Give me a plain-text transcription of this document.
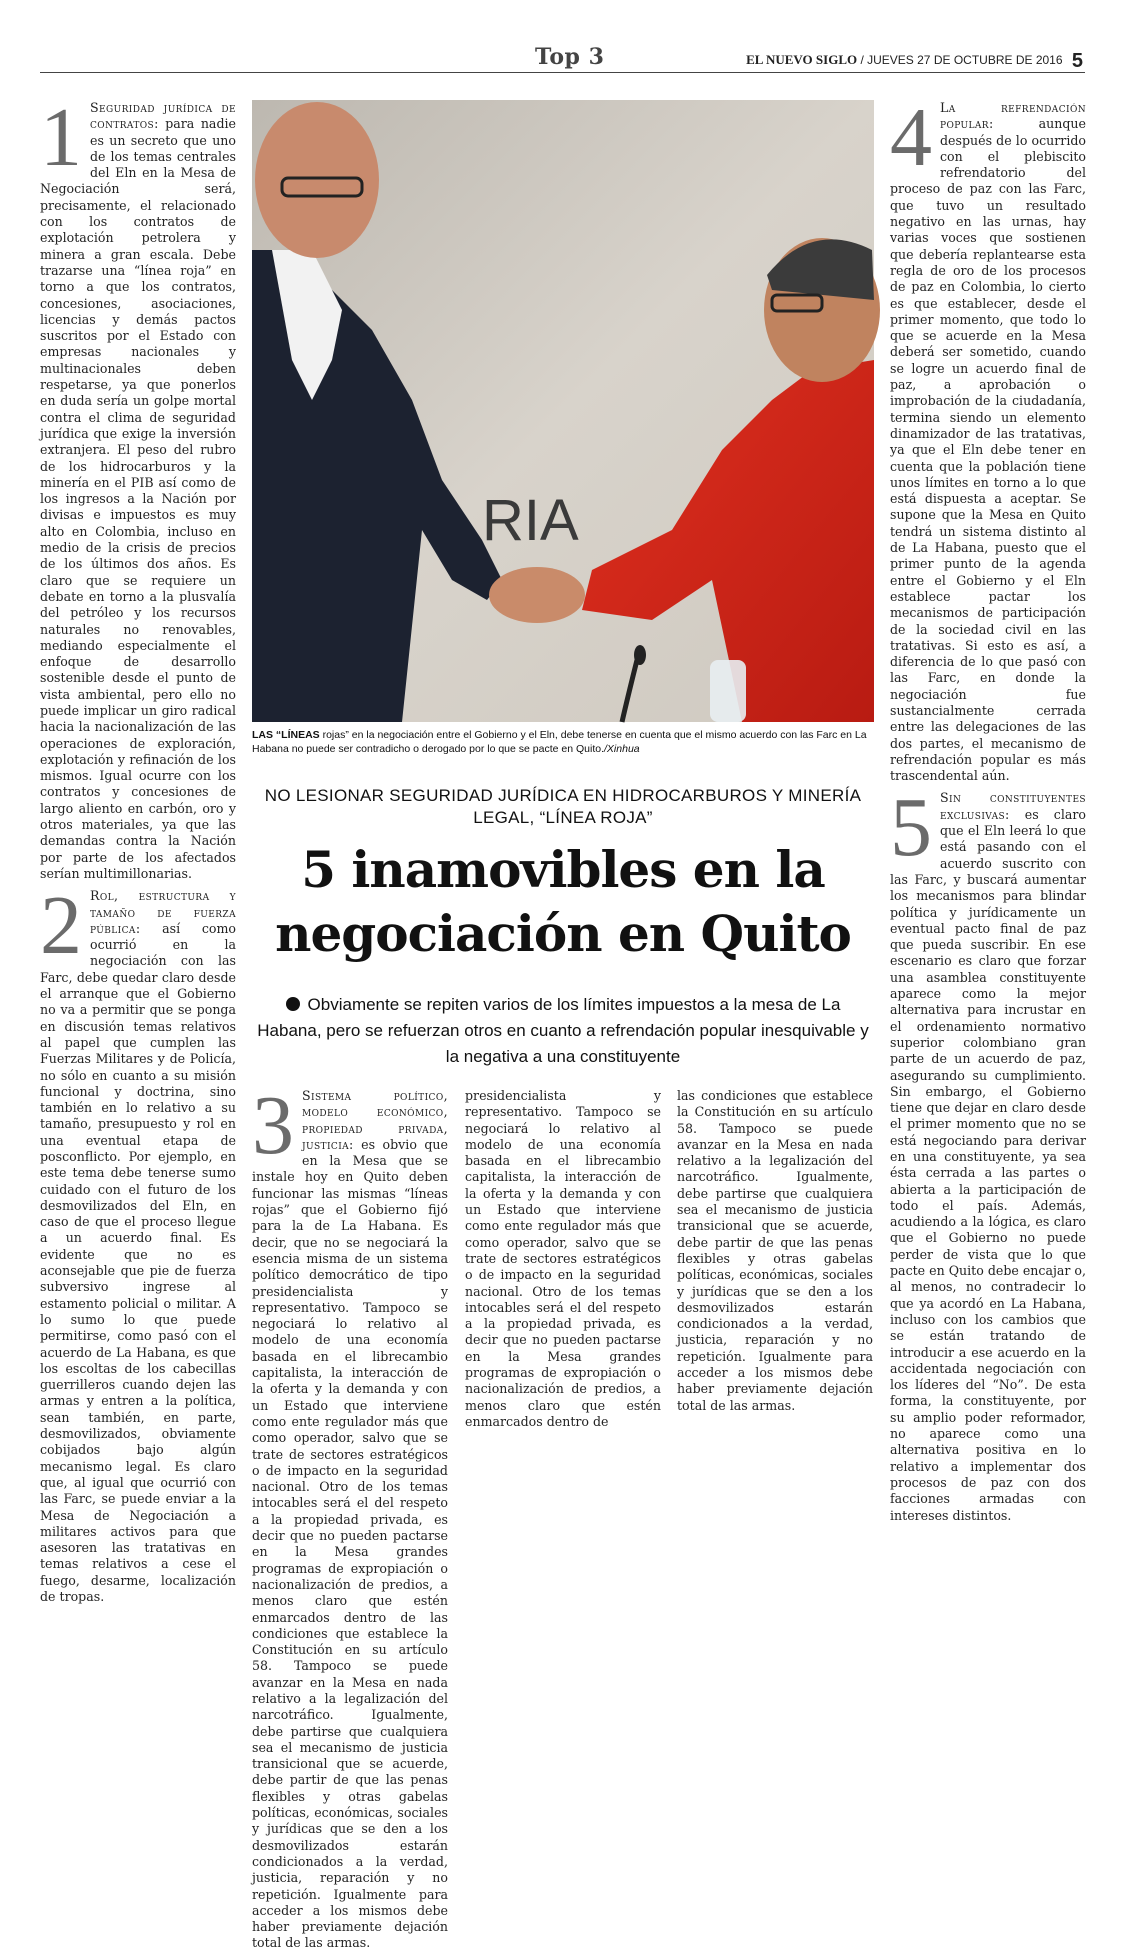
Top 3	EL NUEVO SIGLO / JUEVES 27 DE OCTUBRE DE 2016 5

1 Seguridad jurídica de contratos: para nadie es un secreto que uno de los temas centrales del Eln en la Mesa de Negociación será, precisamente, el relacionado con los contratos de explotación petrolera y minera a gran escala. Debe trazarse una “línea roja” en torno a que los contratos, concesiones, asociaciones, licencias y demás pactos suscritos por el Estado con empresas nacionales y multinacionales deben respetarse, ya que ponerlos en duda sería un golpe mortal contra el clima de seguridad jurídica que exige la inversión extranjera. El peso del rubro de los hidrocarburos y la minería en el PIB así como de los ingresos a la Nación por divisas e impuestos es muy alto en Colombia, incluso en medio de la crisis de precios de los últimos dos años. Es claro que se requiere un debate en torno a la plusvalía del petróleo y los recursos naturales no renovables, mediando especialmente el enfoque de desarrollo sostenible desde el punto de vista ambiental, pero ello no puede implicar un giro radical hacia la nacionalización de las operaciones de exploración, explotación y refinación de los mismos. Igual ocurre con los contratos y concesiones de largo aliento en carbón, oro y otros materiales, ya que las demandas contra la Nación por parte de los afectados serían multimillonarias.

2 Rol, estructura y tamaño de fuerza pública: así como ocurrió en la negociación con las Farc, debe quedar claro desde el arranque que el Gobierno no va a permitir que se ponga en discusión temas relativos al papel que cumplen las Fuerzas Militares y de Policía, no sólo en cuanto a su misión funcional y doctrina, sino también en lo relativo a su tamaño, presupuesto y rol en una eventual etapa de posconflicto. Por ejemplo, en este tema debe tenerse sumo cuidado con el futuro de los desmovilizados del Eln, en caso de que el proceso llegue a un acuerdo final. Es evidente que no es aconsejable que pie de fuerza subversivo ingrese al estamento policial o militar. A lo sumo lo que puede permitirse, como pasó con el acuerdo de La Habana, es que los escoltas de los cabecillas guerrilleros cuando dejen las armas y entren a la política, sean también, en parte, desmovilizados, obviamente cobijados bajo algún mecanismo legal. Es claro que, al igual que ocurrió con las Farc, se puede enviar a la Mesa de Negociación a militares activos para que asesoren las tratativas en temas relativos a cese el fuego, desarme, localización de tropas.

RIA
LAS “LÍNEAS rojas” en la negociación entre el Gobierno y el Eln, debe tenerse en cuenta que el mismo acuerdo con las Farc en La Habana no puede ser contradicho o derogado por lo que se pacte en Quito./Xinhua
NO LESIONAR SEGURIDAD JURÍDICA EN HIDROCARBUROS Y MINERÍA LEGAL, “LÍNEA ROJA”
5 inamovibles en la negociación en Quito
Obviamente se repiten varios de los límites impuestos a la mesa de La Habana, pero se refuerzan otros en cuanto a refrendación popular inesquivable y la negativa a una constituyente

3 Sistema político, modelo económico, propiedad privada, justicia: es obvio que en la Mesa que se instale hoy en Quito deben funcionar las mismas “líneas rojas” que el Gobierno fijó para la de La Habana. Es decir, que no se negociará la esencia misma de un sistema político democrático de tipo presidencialista y representativo. Tampoco se negociará lo relativo al modelo de una economía basada en el librecambio capitalista, la interacción de la oferta y la demanda y con un Estado que interviene como ente regulador más que como operador, salvo que se trate de sectores estratégicos o de impacto en la seguridad nacional. Otro de los temas intocables será el del respeto a la propiedad privada, es decir que no pueden pactarse en la Mesa grandes programas de expropiación o nacionalización de predios, a menos claro que estén enmarcados dentro de las condiciones que establece la Constitución en su artículo 58. Tampoco se puede avanzar en la Mesa en nada relativo a la legalización del narcotráfico. Igualmente, debe partirse que cualquiera sea el mecanismo de justicia transicional que se acuerde, debe partir de que las penas flexibles y otras gabelas políticas, económicas, sociales y jurídicas que se den a los desmovilizados estarán condicionados a la verdad, justicia, reparación y no repetición. Igualmente para acceder a los mismos debe haber previamente dejación total de las armas.

presidencialista y representativo. Tampoco se negociará lo relativo al modelo de una economía basada en el librecambio capitalista, la interacción de la oferta y la demanda y con un Estado que interviene como ente regulador más que como operador, salvo que se trate de sectores estratégicos o de impacto en la seguridad nacional. Otro de los temas intocables será el del respeto a la propiedad privada, es decir que no pueden pactarse en la Mesa grandes programas de expropiación o nacionalización de predios, a menos claro que estén enmarcados dentro de

las condiciones que establece la Constitución en su artículo 58. Tampoco se puede avanzar en la Mesa en nada relativo a la legalización del narcotráfico. Igualmente, debe partirse que cualquiera sea el mecanismo de justicia transicional que se acuerde, debe partir de que las penas flexibles y otras gabelas políticas, económicas, sociales y jurídicas que se den a los desmovilizados estarán condicionados a la verdad, justicia, reparación y no repetición. Igualmente para acceder a los mismos debe haber previamente dejación total de las armas.

4 La refrendación popular: aunque después de lo ocurrido con el plebiscito refrendatorio del proceso de paz con las Farc, que tuvo un resultado negativo en las urnas, hay varias voces que sostienen que debería replantearse esta regla de oro de los procesos de paz en Colombia, lo cierto es que establecer, desde el primer momento, que todo lo que se acuerde en la Mesa deberá ser sometido, cuando se logre un acuerdo final de paz, a aprobación o improbación de la ciudadanía, termina siendo un elemento dinamizador de las tratativas, ya que el Eln debe tener en cuenta que la población tiene unos límites en torno a lo que está dispuesta a aceptar. Se supone que la Mesa en Quito tendrá un sistema distinto al de La Habana, puesto que el primer punto de la agenda entre el Gobierno y el Eln establece pactar los mecanismos de participación de la sociedad civil en las tratativas. Si esto es así, a diferencia de lo que pasó con las Farc, en donde la negociación fue sustancialmente cerrada entre las delegaciones de las dos partes, el mecanismo de refrendación popular es más trascendental aún.

5 Sin constituyentes exclusivas: es claro que el Eln leerá lo que está pasando con el acuerdo suscrito con las Farc, y buscará aumentar los mecanismos para blindar política y jurídicamente un eventual pacto final de paz que pueda suscribir. En ese escenario es claro que forzar una asamblea constituyente aparece como la mejor alternativa para incrustar en el ordenamiento normativo superior colombiano gran parte de un acuerdo de paz, asegurando su cumplimiento. Sin embargo, el Gobierno tiene que dejar en claro desde el primer momento que no se está negociando para derivar en una constituyente, ya sea ésta cerrada a las partes o abierta a la participación de todo el país. Además, acudiendo a la lógica, es claro que el Gobierno no puede perder de vista que lo que pacte en Quito debe encajar o, al menos, no contradecir lo que ya acordó en La Habana, incluso con los cambios que se están tratando de introducir a ese acuerdo en la accidentada negociación con los líderes del “No”. De esta forma, la constituyente, por su amplio poder reformador, no aparece como una alternativa positiva en lo relativo a implementar dos procesos de paz con dos facciones armadas con intereses distintos.
